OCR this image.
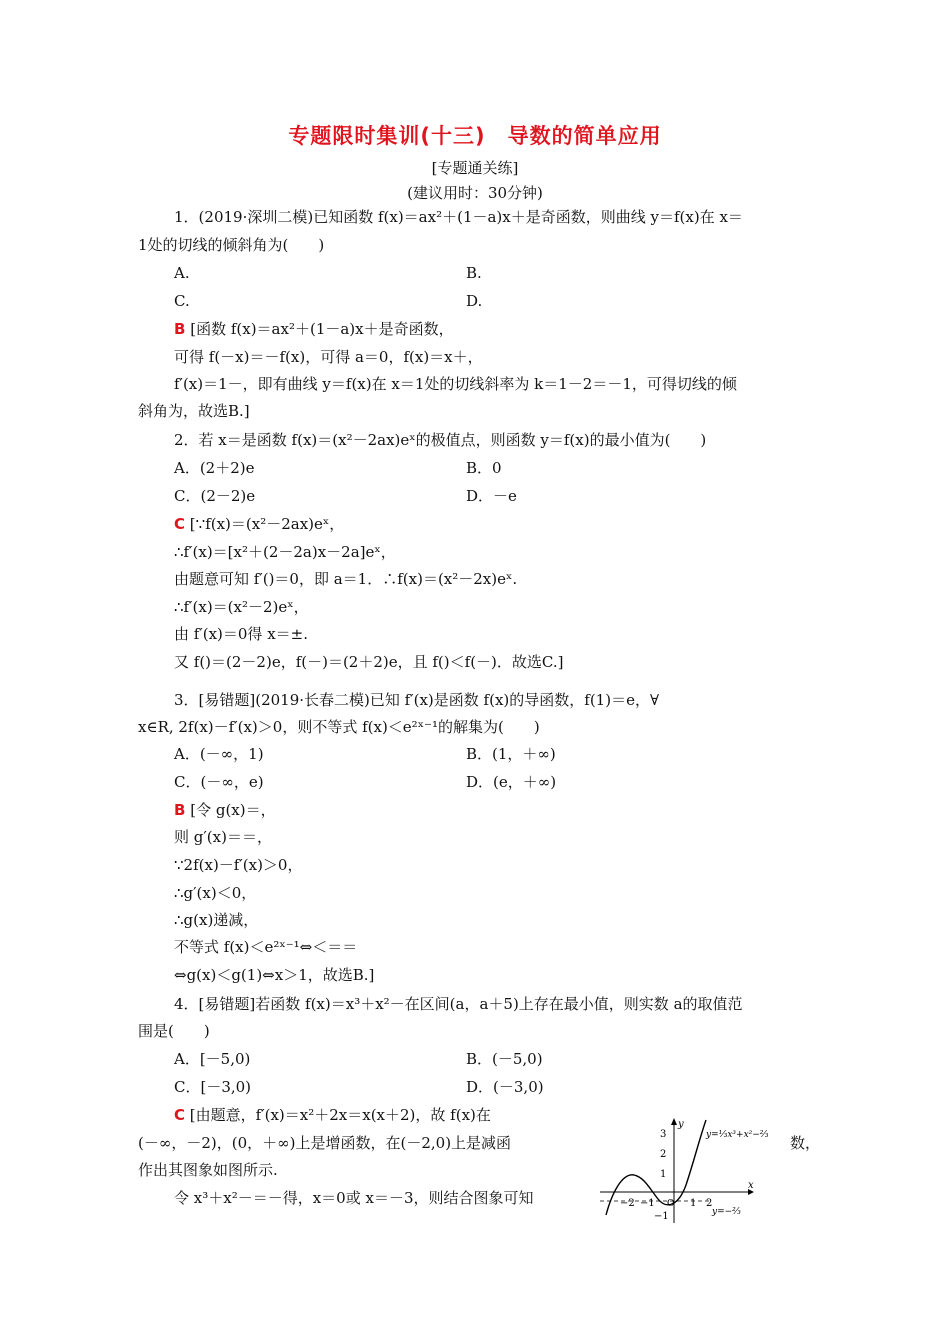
专题限时集训(十三)　导数的简单应用
[专题通关练]
(建议用时：30分钟)
1．(2019·深圳二模)已知函数 f(x)＝ax²＋(1－a)x＋是奇函数，则曲线 y＝f(x)在 x＝
1处的切线的倾斜角为(　　)
A.	B.
C.	D.
B [函数 f(x)＝ax²＋(1－a)x＋是奇函数，
可得 f(－x)＝－f(x)，可得 a＝0，f(x)＝x＋，
f′(x)＝1－，即有曲线 y＝f(x)在 x＝1处的切线斜率为 k＝1－2＝－1，可得切线的倾
斜角为，故选B.]
2．若 x＝是函数 f(x)＝(x²－2ax)eˣ的极值点，则函数 y＝f(x)的最小值为(　　)
A．(2＋2)e	B．0
C．(2－2)e	D．－e
C [∵f(x)＝(x²－2ax)eˣ，
∴f′(x)＝[x²＋(2－2a)x－2a]eˣ，
由题意可知 f′()＝0，即 a＝1．∴f(x)＝(x²－2x)eˣ.
∴f′(x)＝(x²－2)eˣ，
由 f′(x)＝0得 x＝±.
又 f()＝(2－2)e，f(－)＝(2＋2)e，且 f()＜f(－)．故选C.]
3．[易错题](2019·长春二模)已知 f′(x)是函数 f(x)的导函数，f(1)＝e，∀
x∈R, 2f(x)－f′(x)＞0，则不等式 f(x)＜e²ˣ⁻¹的解集为(　　)
A．(－∞，1)	B．(1，＋∞)
C．(－∞，e)	D．(e，＋∞)
B [令 g(x)＝，
则 g′(x)＝＝，
∵2f(x)－f′(x)＞0，
∴g′(x)＜0，
∴g(x)递减，
不等式 f(x)＜e²ˣ⁻¹⇔＜＝＝
⇔g(x)＜g(1)⇔x＞1，故选B.]
4．[易错题]若函数 f(x)＝x³＋x²－在区间(a，a＋5)上存在最小值，则实数 a的取值范
围是(　　)
A．[－5,0)	B．(－5,0)
C．[－3,0)	D．(－3,0)
C [由题意，f′(x)＝x²＋2x＝x(x＋2)，故 f(x)在
(－∞，－2)，(0，＋∞)上是增函数，在(－2,0)上是减函	数，
作出其图象如图所示.
令 x³＋x²－＝－得，x＝0或 x＝－3，则结合图象可知
y
x
3
2
1
−1
−2 −1 O 1 2
y=⅓x³+x²−⅔
y=−⅔
